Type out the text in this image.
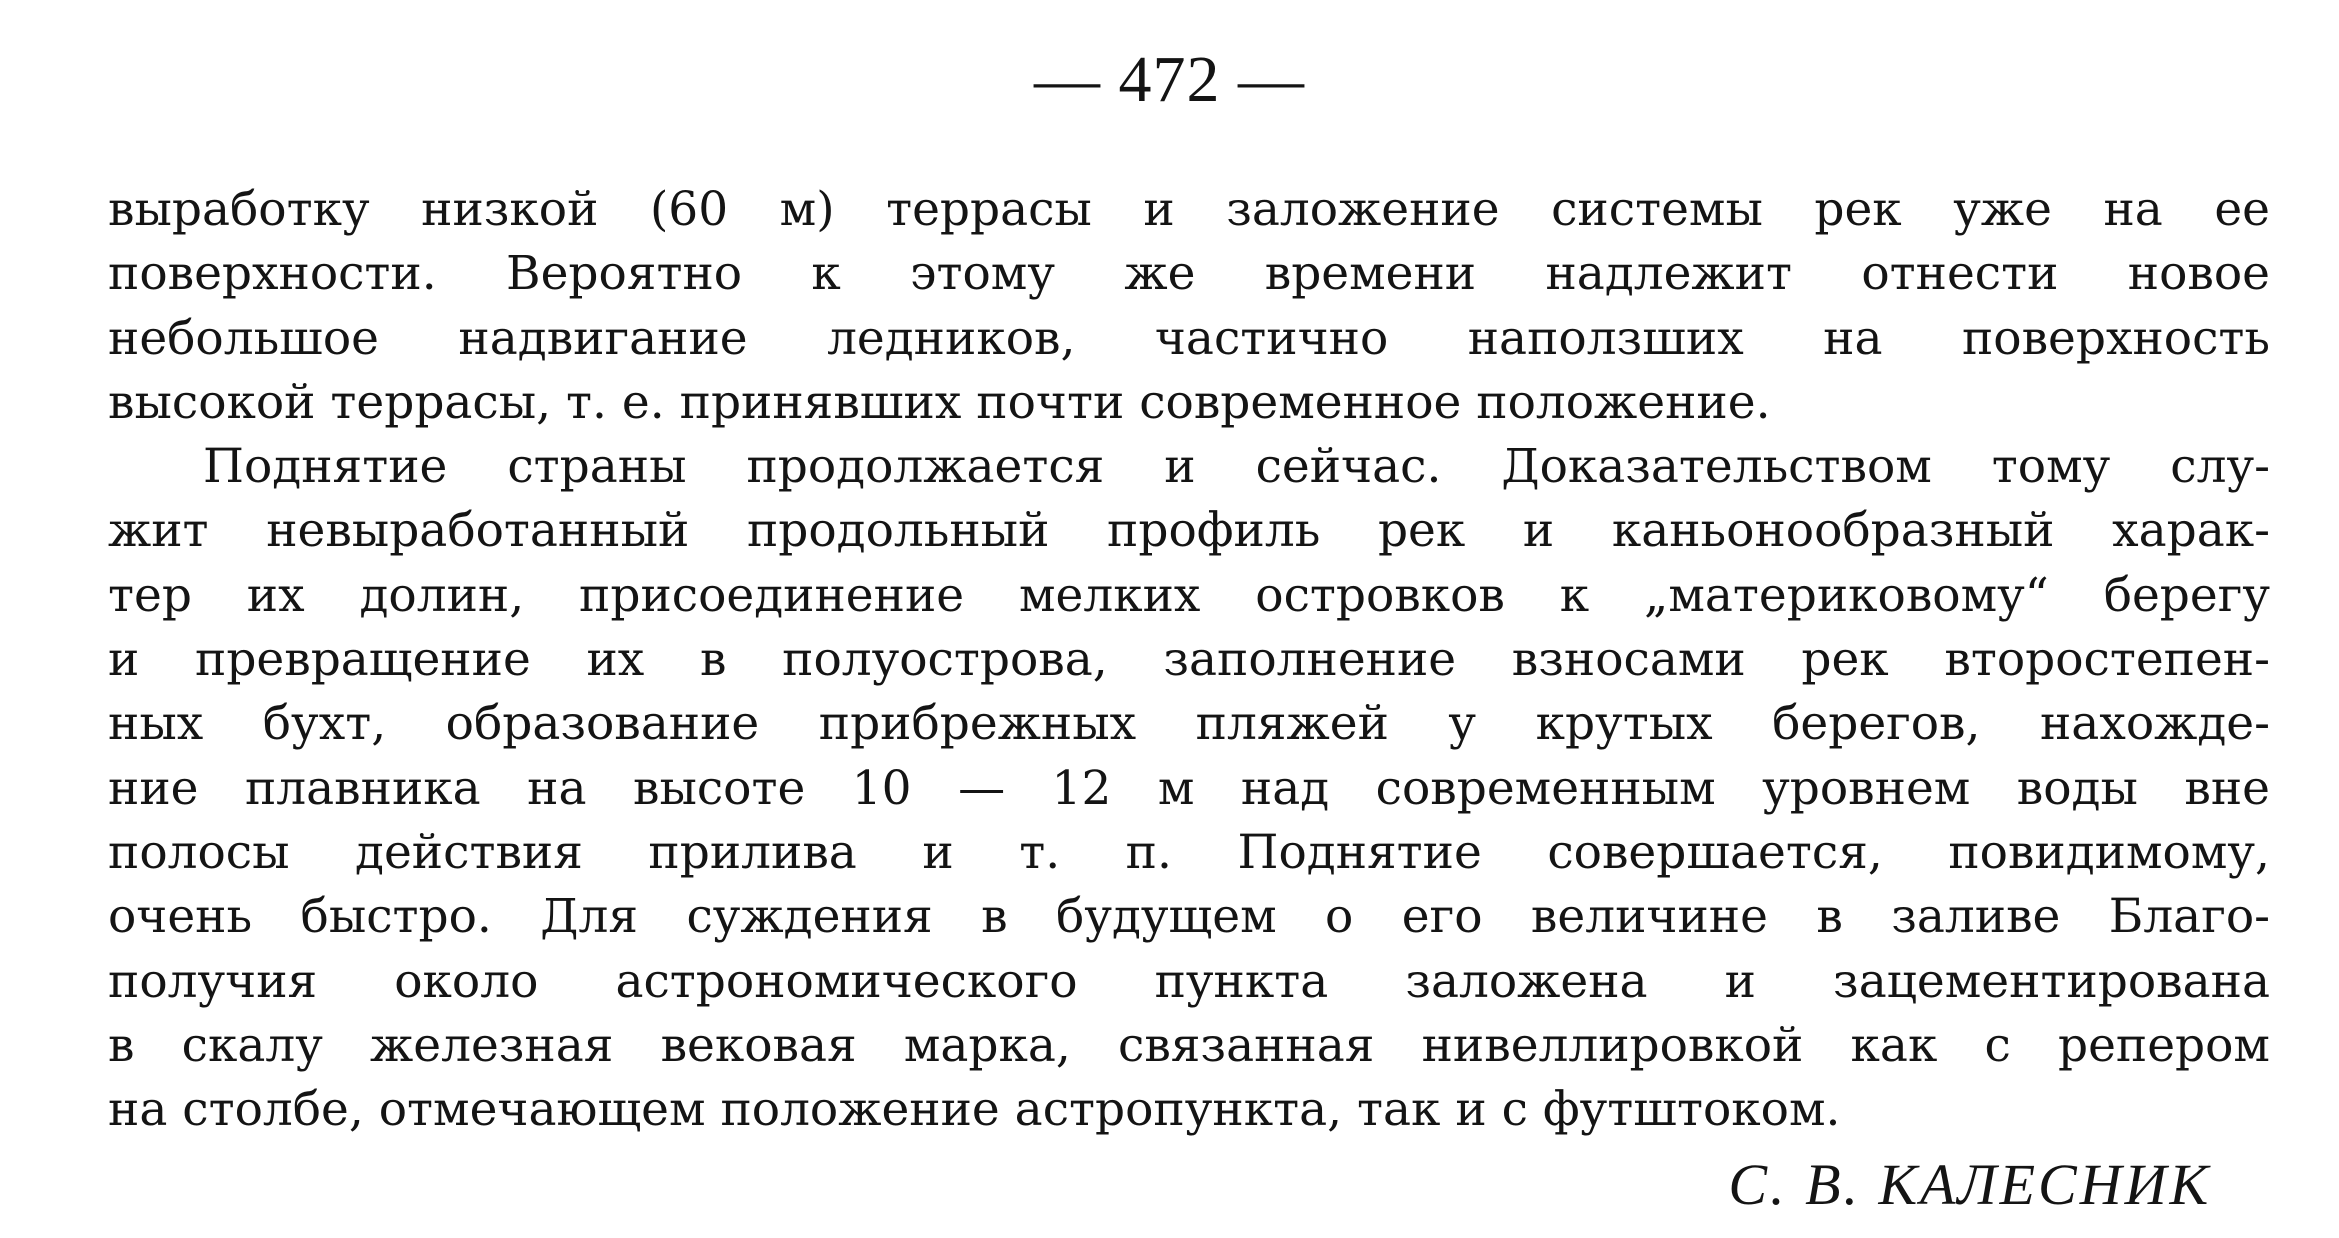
— 472 —
выработку низкой (60 м) террасы и заложение системы рек уже на ее
поверхности. Вероятно к этому же времени надлежит отнести новое
небольшое надвигание ледников, частично наползших на поверхность
высокой террасы, т. е. принявших почти современное положение.
Поднятие страны продолжается и сейчас. Доказательством тому слу-
жит невыработанный продольный профиль рек и каньонообразный харак-
тер их долин, присоединение мелких островков к „материковому“ берегу
и превращение их в полуострова, заполнение взносами рек второстепен-
ных бухт, образование прибрежных пляжей у крутых берегов, нахожде-
ние плавника на высоте 10 — 12 м над современным уровнем воды вне
полосы действия прилива и т. п. Поднятие совершается, повидимому,
очень быстро. Для суждения в будущем о его величине в заливе Благо-
получия около астрономического пункта заложена и зацементирована
в скалу железная вековая марка, связанная нивеллировкой как с репером
на столбе, отмечающем положение астропункта, так и с футштоком.
С. В. КАЛЕСНИК
